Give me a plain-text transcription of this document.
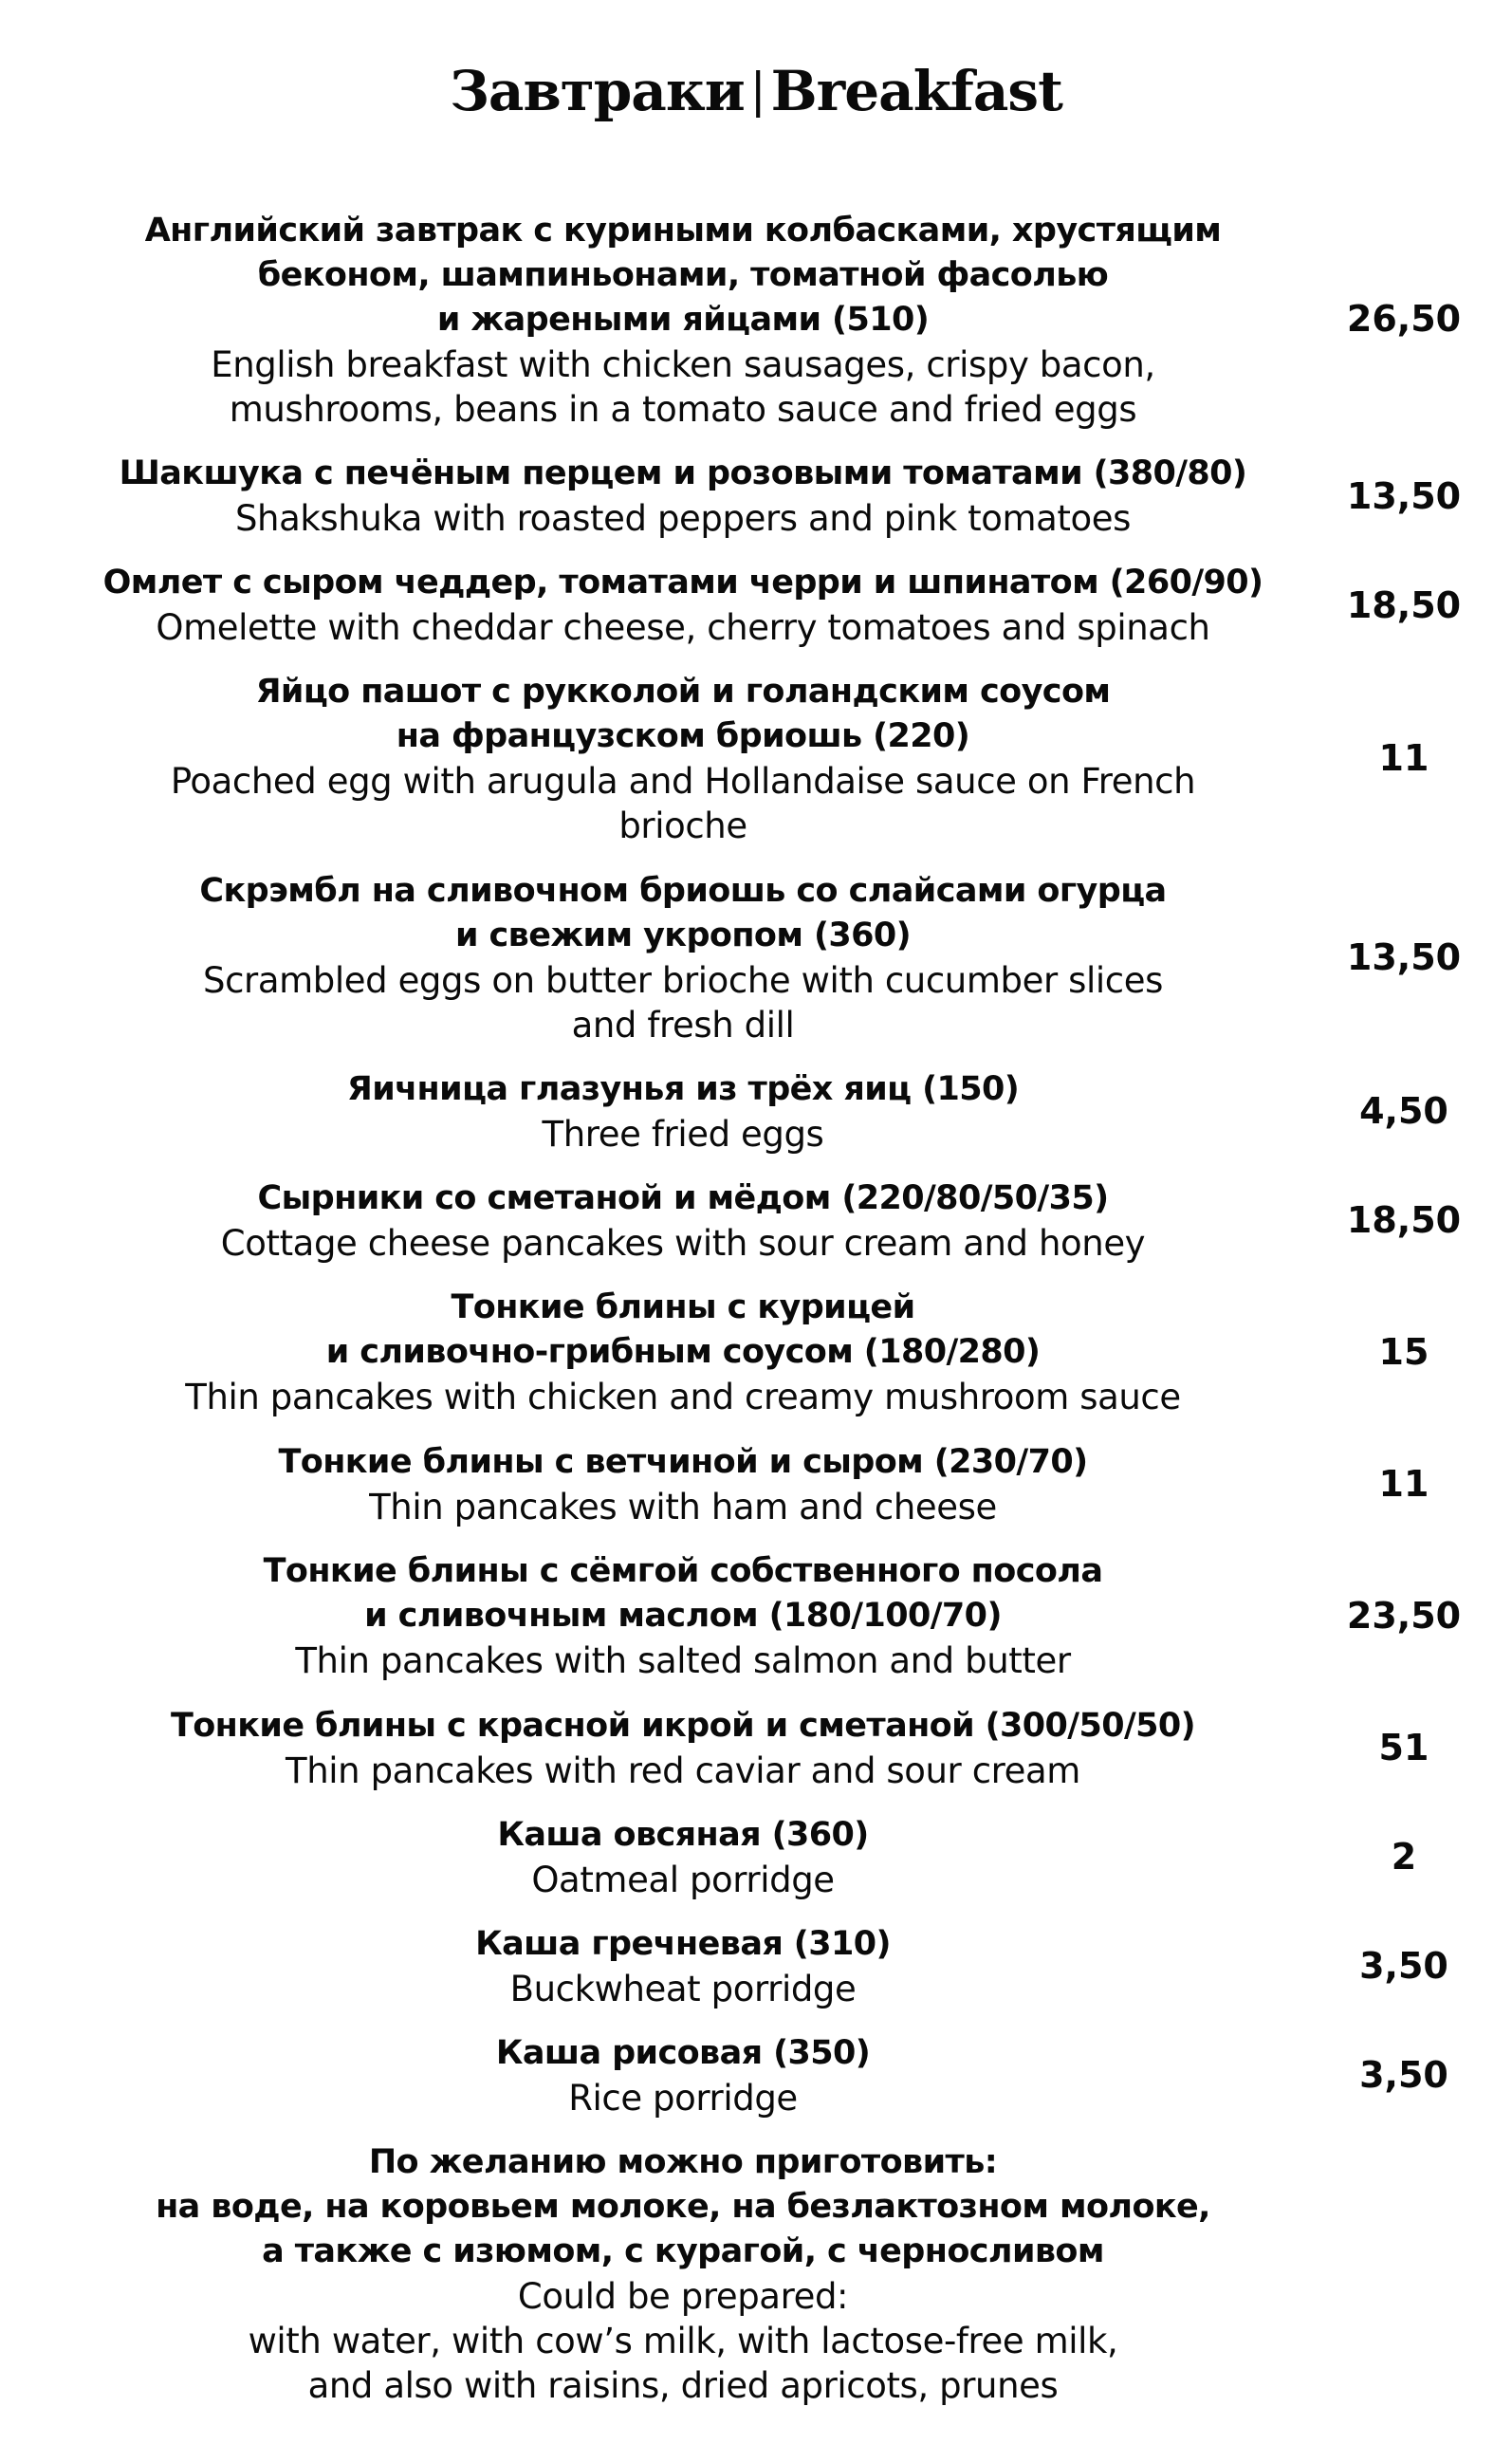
Завтраки | Breakfast
Английский завтрак с куриными колбасками, хрустящим
беконом, шампиньонами, томатной фасолью
и жареными яйцами (510)
English breakfast with chicken sausages, crispy bacon,
mushrooms, beans in a tomato sauce and fried eggs
26,50
Шакшука с печёным перцем и розовыми томатами (380/80)
Shakshuka with roasted peppers and pink tomatoes
13,50
Омлет с сыром чеддер, томатами черри и шпинатом (260/90)
Omelette with cheddar cheese, cherry tomatoes and spinach
18,50
Яйцо пашот с рукколой и голандским соусом
на французском бриошь (220)
Poached egg with arugula and Hollandaise sauce on French
brioche
11
Скрэмбл на сливочном бриошь со слайсами огурца
и свежим укропом (360)
Scrambled eggs on butter brioche with cucumber slices
and fresh dill
13,50
Яичница глазунья из трёх яиц (150)
Three fried eggs
4,50
Сырники со сметаной и мёдом (220/80/50/35)
Cottage cheese pancakes with sour cream and honey
18,50
Тонкие блины с курицей
и сливочно-грибным соусом (180/280)
Thin pancakes with chicken and creamy mushroom sauce
15
Тонкие блины с ветчиной и сыром (230/70)
Thin pancakes with ham and cheese
11
Тонкие блины с сёмгой собственного посола
и сливочным маслом (180/100/70)
Thin pancakes with salted salmon and butter
23,50
Тонкие блины с красной икрой и сметаной (300/50/50)
Thin pancakes with red caviar and sour cream
51
Каша овсяная (360)
Oatmeal porridge
2
Каша гречневая (310)
Buckwheat porridge
3,50
Каша рисовая (350)
Rice porridge
3,50
По желанию можно приготовить:
на воде, на коровьем молоке, на безлактозном молоке,
а также с изюмом, с курагой, с черносливом
Could be prepared:
with water, with cow’s milk, with lactose-free milk,
and also with raisins, dried apricots, prunes
